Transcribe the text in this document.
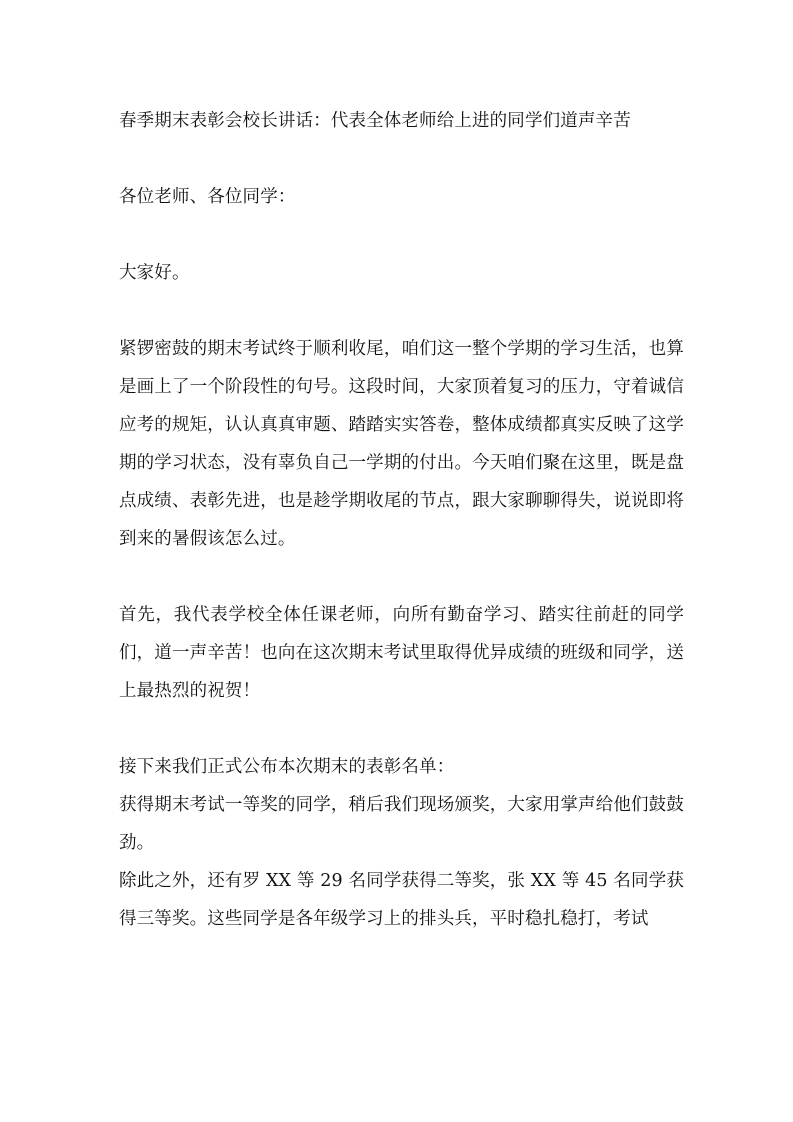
春季期末表彰会校长讲话：代表全体老师给上进的同学们道声辛苦

各位老师、各位同学：

大家好。

紧锣密鼓的期末考试终于顺利收尾，咱们这一整个学期的学习生活，也算是画上了一个阶段性的句号。这段时间，大家顶着复习的压力，守着诚信应考的规矩，认认真真审题、踏踏实实答卷，整体成绩都真实反映了这学期的学习状态，没有辜负自己一学期的付出。今天咱们聚在这里，既是盘点成绩、表彰先进，也是趁学期收尾的节点，跟大家聊聊得失，说说即将到来的暑假该怎么过。

首先，我代表学校全体任课老师，向所有勤奋学习、踏实往前赶的同学们，道一声辛苦！也向在这次期末考试里取得优异成绩的班级和同学，送上最热烈的祝贺！

接下来我们正式公布本次期末的表彰名单：

获得期末考试一等奖的同学，稍后我们现场颁奖，大家用掌声给他们鼓鼓劲。

除此之外，还有罗 XX 等 29 名同学获得二等奖，张 XX 等 45 名同学获得三等奖。这些同学是各年级学习上的排头兵，平时稳扎稳打，考试
